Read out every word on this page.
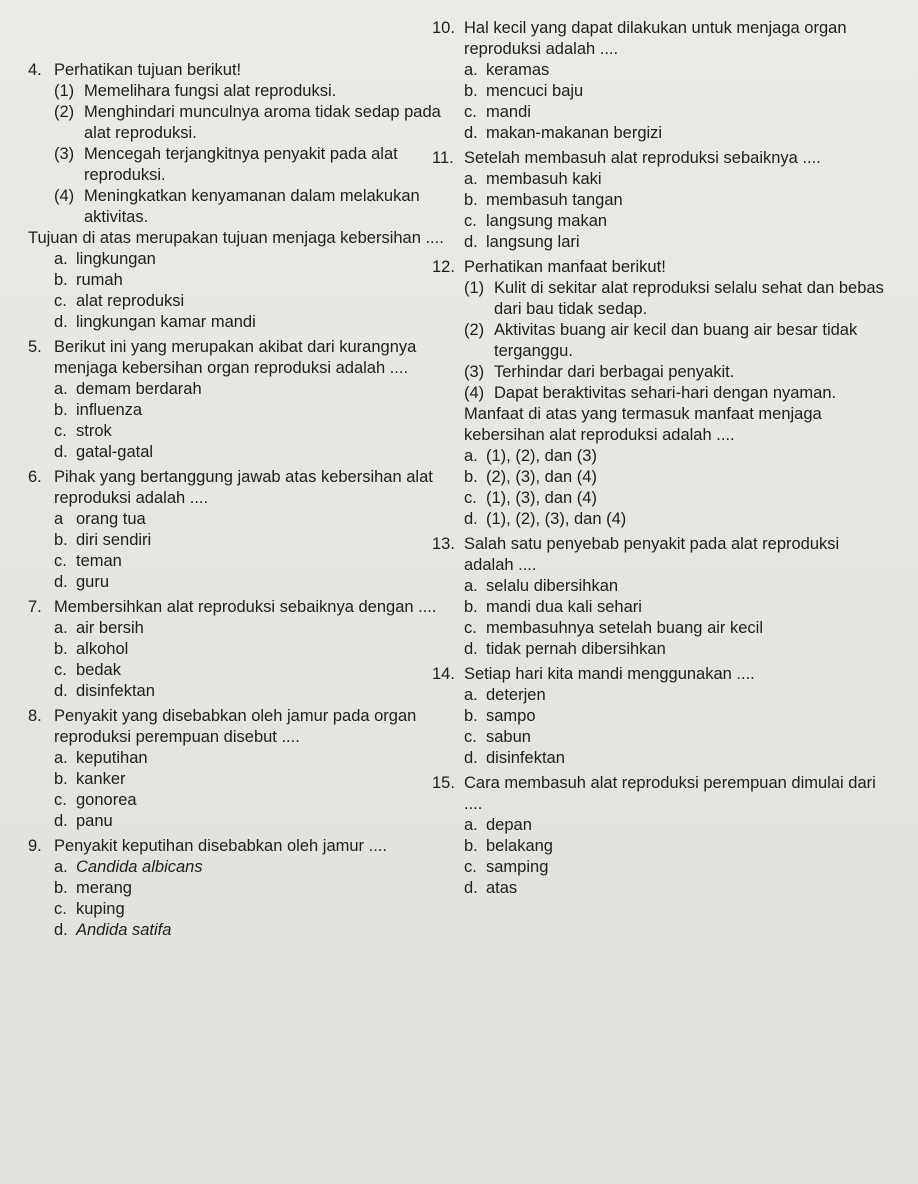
4. Perhatikan tujuan berikut!
(1) Memelihara fungsi alat reproduksi.
(2) Menghindari munculnya aroma tidak sedap pada alat reproduksi.
(3) Mencegah terjangkitnya penyakit pada alat reproduksi.
(4) Meningkatkan kenyamanan dalam melakukan aktivitas.
Tujuan di atas merupakan tujuan menjaga kebersihan ....
a. lingkungan
b. rumah
c. alat reproduksi
d. lingkungan kamar mandi
5. Berikut ini yang merupakan akibat dari kurangnya menjaga kebersihan organ reproduksi adalah ....
a. demam berdarah
b. influenza
c. strok
d. gatal-gatal
6. Pihak yang bertanggung jawab atas kebersihan alat reproduksi adalah ....
a orang tua
b. diri sendiri
c. teman
d. guru
7. Membersihkan alat reproduksi sebaiknya dengan ....
a. air bersih
b. alkohol
c. bedak
d. disinfektan
8. Penyakit yang disebabkan oleh jamur pada organ reproduksi perempuan disebut ....
a. keputihan
b. kanker
c. gonorea
d. panu
9. Penyakit keputihan disebabkan oleh jamur ....
a. Candida albicans
b. merang
c. kuping
d. Andida satifa
10. Hal kecil yang dapat dilakukan untuk menjaga organ reproduksi adalah ....
a. keramas
b. mencuci baju
c. mandi
d. makan-makanan bergizi
11. Setelah membasuh alat reproduksi sebaiknya ....
a. membasuh kaki
b. membasuh tangan
c. langsung makan
d. langsung lari
12. Perhatikan manfaat berikut!
(1) Kulit di sekitar alat reproduksi selalu sehat dan bebas dari bau tidak sedap.
(2) Aktivitas buang air kecil dan buang air besar tidak terganggu.
(3) Terhindar dari berbagai penyakit.
(4) Dapat beraktivitas sehari-hari dengan nyaman.
Manfaat di atas yang termasuk manfaat menjaga kebersihan alat reproduksi adalah ....
a. (1), (2), dan (3)
b. (2), (3), dan (4)
c. (1), (3), dan (4)
d. (1), (2), (3), dan (4)
13. Salah satu penyebab penyakit pada alat reproduksi adalah ....
a. selalu dibersihkan
b. mandi dua kali sehari
c. membasuhnya setelah buang air kecil
d. tidak pernah dibersihkan
14. Setiap hari kita mandi menggunakan ....
a. deterjen
b. sampo
c. sabun
d. disinfektan
15. Cara membasuh alat reproduksi perempuan dimulai dari ....
a. depan
b. belakang
c. samping
d. atas
